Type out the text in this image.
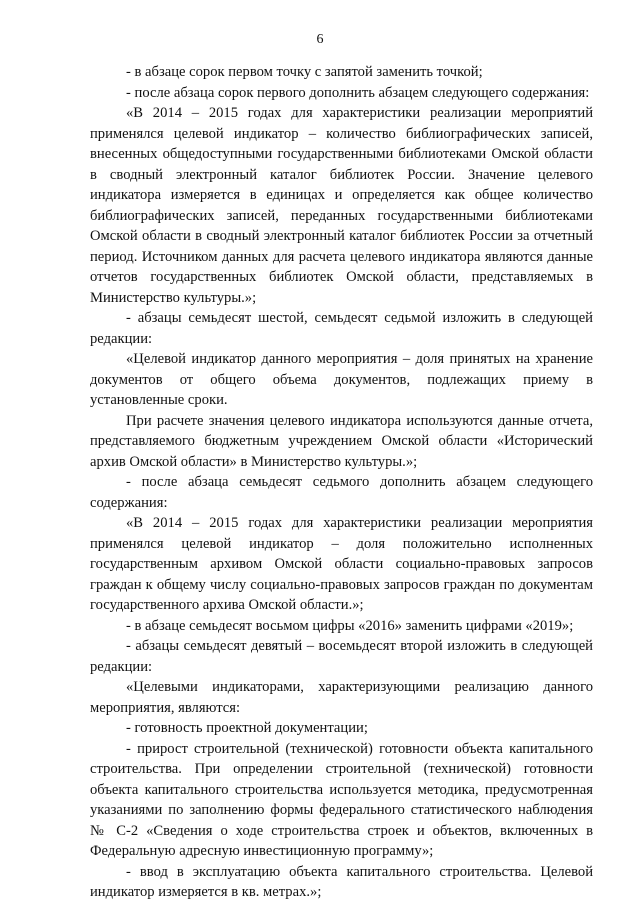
6

- в абзаце сорок первом точку с запятой заменить точкой;

- после абзаца сорок первого дополнить абзацем следующего содержания:

«В 2014 – 2015 годах для характеристики реализации мероприятий применялся целевой индикатор – количество библиографических записей, внесенных общедоступными государственными библиотеками Омской области в сводный электронный каталог библиотек России. Значение целевого индикатора измеряется в единицах и определяется как общее количество библиографических записей, переданных государственными библиотеками Омской области в сводный электронный каталог библиотек России за отчетный период. Источником данных для расчета целевого индикатора являются данные отчетов государственных библиотек Омской области, представляемых в Министерство культуры.»;

- абзацы семьдесят шестой, семьдесят седьмой изложить в следующей редакции:

«Целевой индикатор данного мероприятия – доля принятых на хранение документов от общего объема документов, подлежащих приему в установленные сроки.

При расчете значения целевого индикатора используются данные отчета, представляемого бюджетным учреждением Омской области «Исторический архив Омской области» в Министерство культуры.»;

- после абзаца семьдесят седьмого дополнить абзацем следующего содержания:

«В 2014 – 2015 годах для характеристики реализации мероприятия применялся целевой индикатор – доля положительно исполненных государственным архивом Омской области социально-правовых запросов граждан к общему числу социально-правовых запросов граждан по документам государственного архива Омской области.»;

- в абзаце семьдесят восьмом цифры «2016» заменить цифрами «2019»;

- абзацы семьдесят девятый – восемьдесят второй изложить в следующей редакции:

«Целевыми индикаторами, характеризующими реализацию данного мероприятия, являются:

- готовность проектной документации;

- прирост строительной (технической) готовности объекта капитального строительства. При определении строительной (технической) готовности объекта капитального строительства используется методика, предусмотренная указаниями по заполнению формы федерального статистического наблюдения № С-2 «Сведения о ходе строительства строек и объектов, включенных в Федеральную адресную инвестиционную программу»;

- ввод в эксплуатацию объекта капитального строительства. Целевой индикатор измеряется в кв. метрах.»;
